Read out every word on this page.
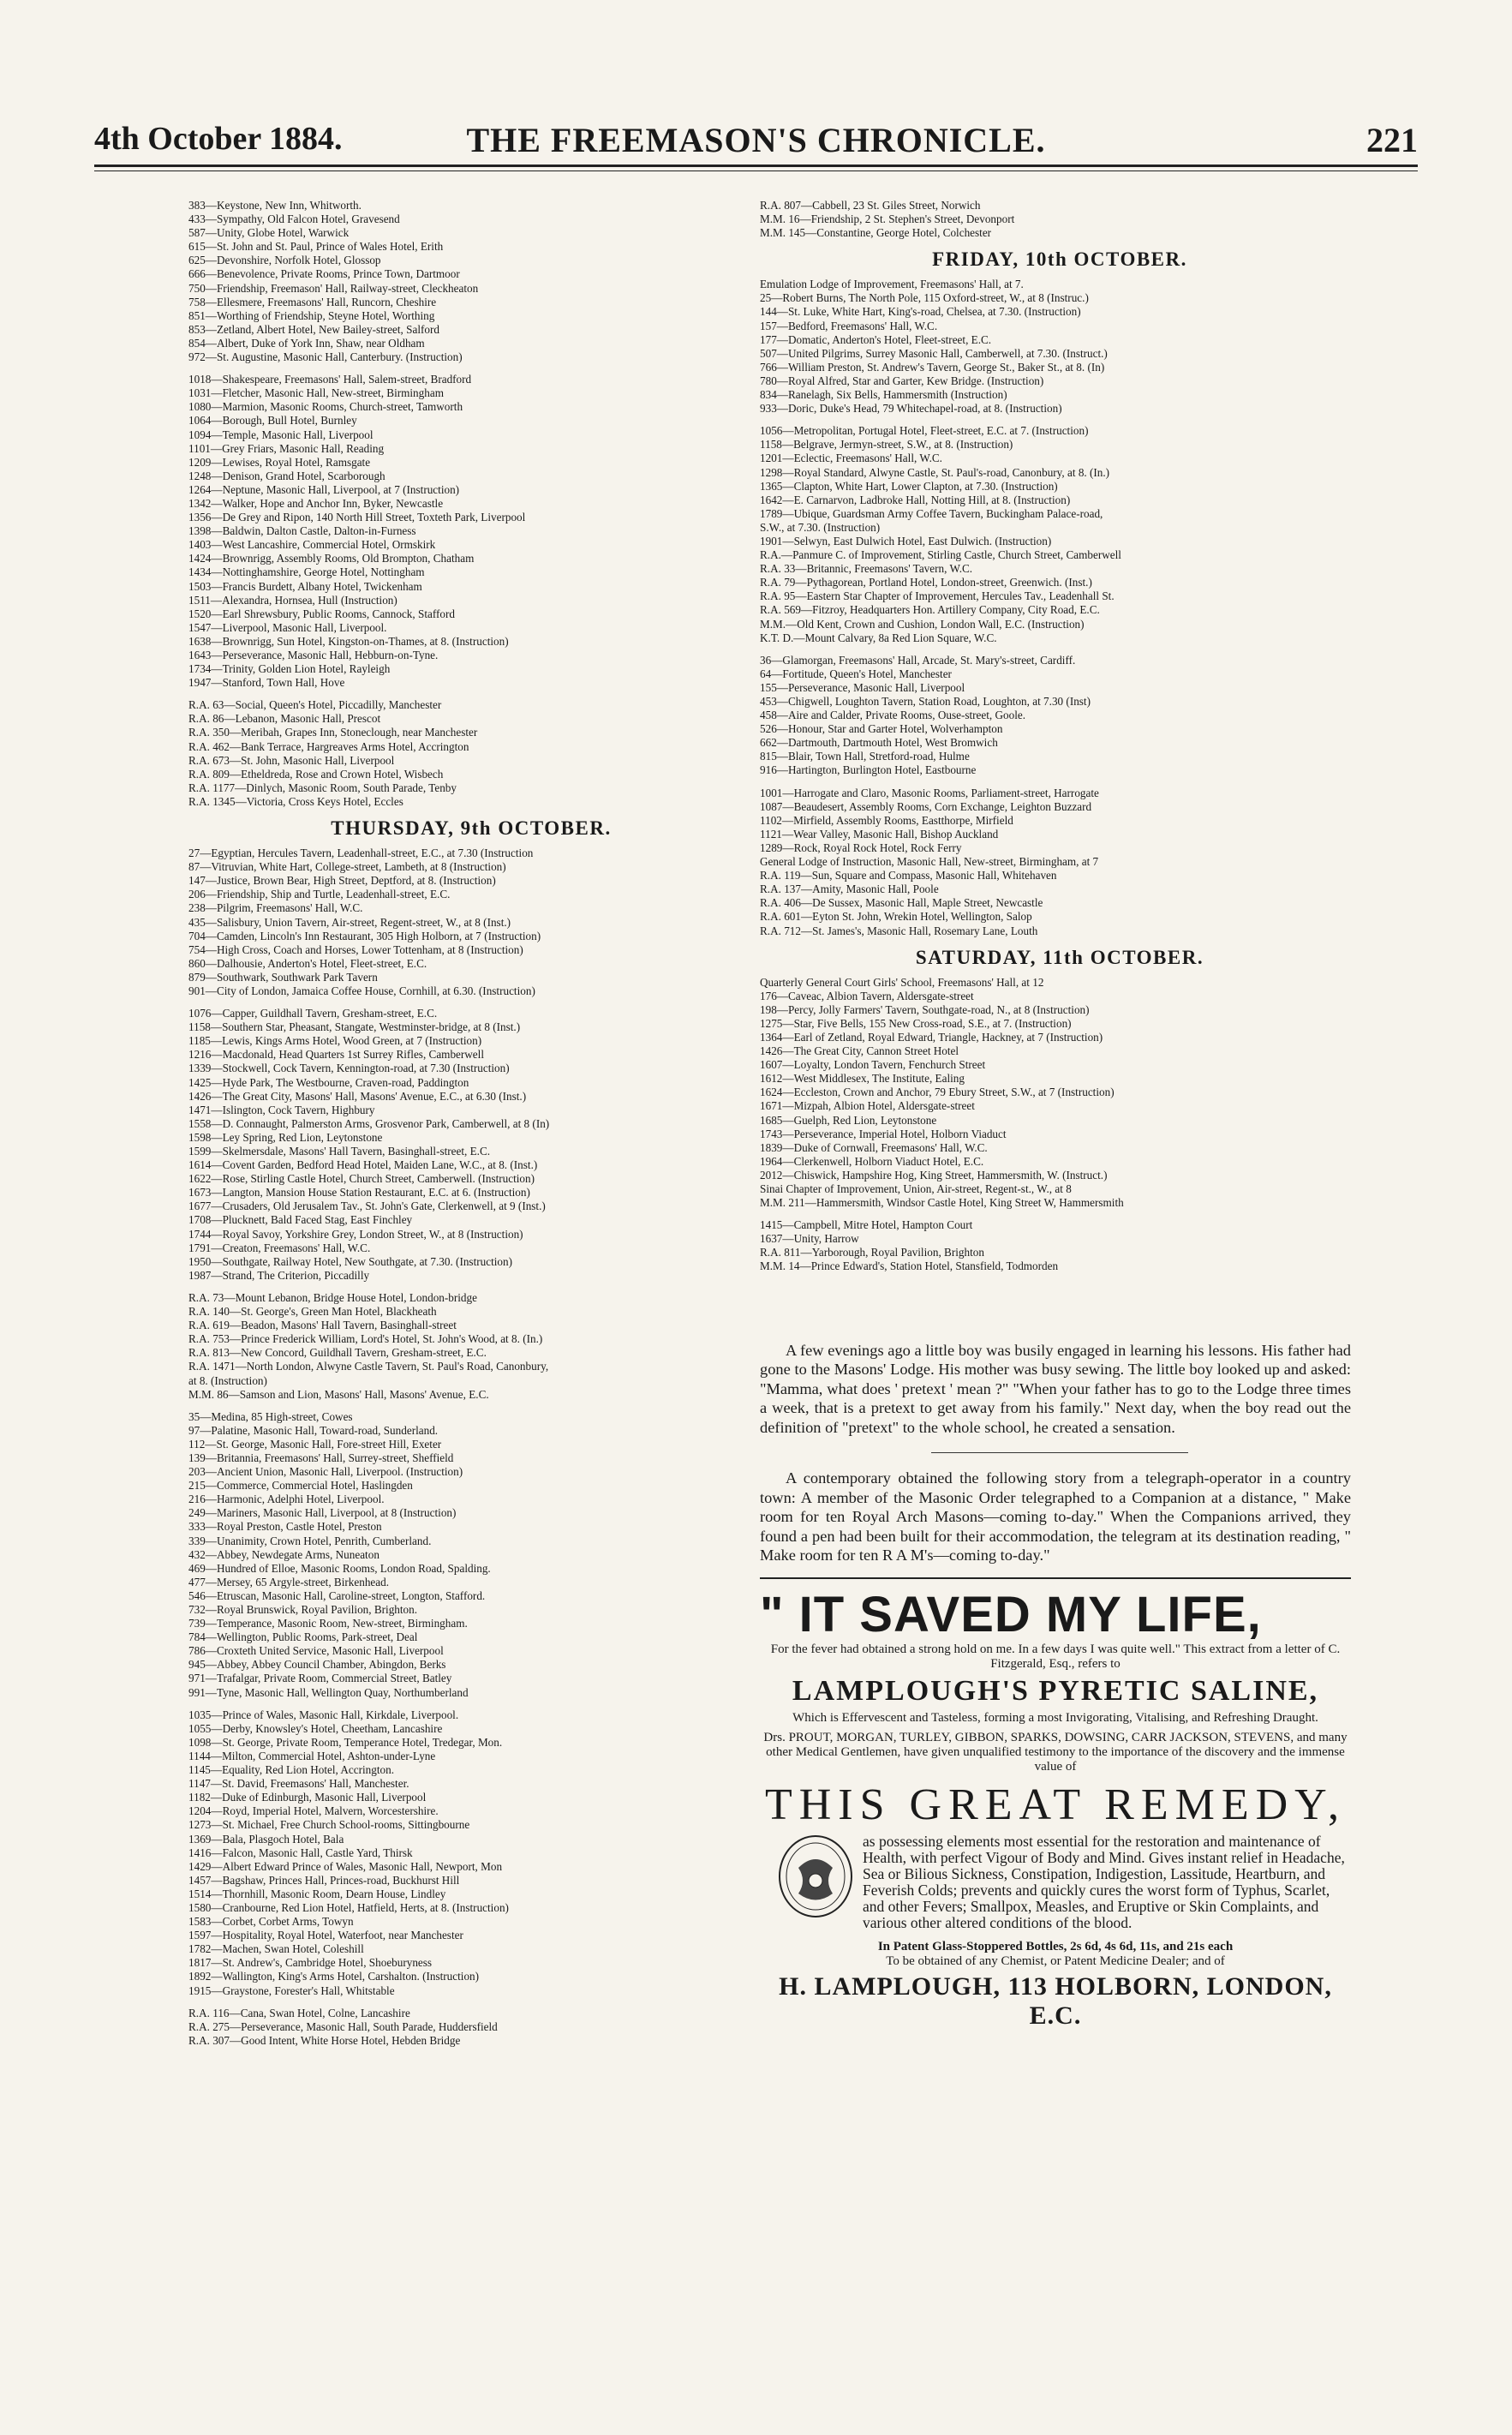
4th October 1884.	THE FREEMASON'S CHRONICLE.	221
383—Keystone, New Inn, Whitworth.
433—Sympathy, Old Falcon Hotel, Gravesend
587—Unity, Globe Hotel, Warwick
615—St. John and St. Paul, Prince of Wales Hotel, Erith
625—Devonshire, Norfolk Hotel, Glossop
666—Benevolence, Private Rooms, Prince Town, Dartmoor
750—Friendship, Freemason' Hall, Railway-street, Cleckheaton
758—Ellesmere, Freemasons' Hall, Runcorn, Cheshire
851—Worthing of Friendship, Steyne Hotel, Worthing
853—Zetland, Albert Hotel, New Bailey-street, Salford
854—Albert, Duke of York Inn, Shaw, near Oldham
972—St. Augustine, Masonic Hall, Canterbury. (Instruction)
1018—Shakespeare, Freemasons' Hall, Salem-street, Bradford
1031—Fletcher, Masonic Hall, New-street, Birmingham
1080—Marmion, Masonic Rooms, Church-street, Tamworth
1064—Borough, Bull Hotel, Burnley
1094—Temple, Masonic Hall, Liverpool
1101—Grey Friars, Masonic Hall, Reading
1209—Lewises, Royal Hotel, Ramsgate
1248—Denison, Grand Hotel, Scarborough
1264—Neptune, Masonic Hall, Liverpool, at 7 (Instruction)
1342—Walker, Hope and Anchor Inn, Byker, Newcastle
1356—De Grey and Ripon, 140 North Hill Street, Toxteth Park, Liverpool
1398—Baldwin, Dalton Castle, Dalton-in-Furness
1403—West Lancashire, Commercial Hotel, Ormskirk
1424—Brownrigg, Assembly Rooms, Old Brompton, Chatham
1434—Nottinghamshire, George Hotel, Nottingham
1503—Francis Burdett, Albany Hotel, Twickenham
1511—Alexandra, Hornsea, Hull (Instruction)
1520—Earl Shrewsbury, Public Rooms, Cannock, Stafford
1547—Liverpool, Masonic Hall, Liverpool.
1638—Brownrigg, Sun Hotel, Kingston-on-Thames, at 8. (Instruction)
1643—Perseverance, Masonic Hall, Hebburn-on-Tyne.
1734—Trinity, Golden Lion Hotel, Rayleigh
1947—Stanford, Town Hall, Hove
R.A. 63—Social, Queen's Hotel, Piccadilly, Manchester
R.A. 86—Lebanon, Masonic Hall, Prescot
R.A. 350—Meribah, Grapes Inn, Stoneclough, near Manchester
R.A. 462—Bank Terrace, Hargreaves Arms Hotel, Accrington
R.A. 673—St. John, Masonic Hall, Liverpool
R.A. 809—Etheldreda, Rose and Crown Hotel, Wisbech
R.A. 1177—Dinlych, Masonic Room, South Parade, Tenby
R.A. 1345—Victoria, Cross Keys Hotel, Eccles
THURSDAY, 9th OCTOBER.
27—Egyptian, Hercules Tavern, Leadenhall-street, E.C., at 7.30 (Instruction
87—Vitruvian, White Hart, College-street, Lambeth, at 8 (Instruction)
147—Justice, Brown Bear, High Street, Deptford, at 8. (Instruction)
206—Friendship, Ship and Turtle, Leadenhall-street, E.C.
238—Pilgrim, Freemasons' Hall, W.C.
435—Salisbury, Union Tavern, Air-street, Regent-street, W., at 8 (Inst.)
704—Camden, Lincoln's Inn Restaurant, 305 High Holborn, at 7 (Instruction)
754—High Cross, Coach and Horses, Lower Tottenham, at 8 (Instruction)
860—Dalhousie, Anderton's Hotel, Fleet-street, E.C.
879—Southwark, Southwark Park Tavern
901—City of London, Jamaica Coffee House, Cornhill, at 6.30. (Instruction)
1076—Capper, Guildhall Tavern, Gresham-street, E.C.
1158—Southern Star, Pheasant, Stangate, Westminster-bridge, at 8 (Inst.)
1185—Lewis, Kings Arms Hotel, Wood Green, at 7 (Instruction)
1216—Macdonald, Head Quarters 1st Surrey Rifles, Camberwell
1339—Stockwell, Cock Tavern, Kennington-road, at 7.30 (Instruction)
1425—Hyde Park, The Westbourne, Craven-road, Paddington
1426—The Great City, Masons' Hall, Masons' Avenue, E.C., at 6.30 (Inst.)
1471—Islington, Cock Tavern, Highbury
1558—D. Connaught, Palmerston Arms, Grosvenor Park, Camberwell, at 8 (In)
1598—Ley Spring, Red Lion, Leytonstone
1599—Skelmersdale, Masons' Hall Tavern, Basinghall-street, E.C.
1614—Covent Garden, Bedford Head Hotel, Maiden Lane, W.C., at 8. (Inst.)
1622—Rose, Stirling Castle Hotel, Church Street, Camberwell. (Instruction)
1673—Langton, Mansion House Station Restaurant, E.C. at 6. (Instruction)
1677—Crusaders, Old Jerusalem Tav., St. John's Gate, Clerkenwell, at 9 (Inst.)
1708—Plucknett, Bald Faced Stag, East Finchley
1744—Royal Savoy, Yorkshire Grey, London Street, W., at 8 (Instruction)
1791—Creaton, Freemasons' Hall, W.C.
1950—Southgate, Railway Hotel, New Southgate, at 7.30. (Instruction)
1987—Strand, The Criterion, Piccadilly
R.A. 73—Mount Lebanon, Bridge House Hotel, London-bridge
R.A. 140—St. George's, Green Man Hotel, Blackheath
R.A. 619—Beadon, Masons' Hall Tavern, Basinghall-street
R.A. 753—Prince Frederick William, Lord's Hotel, St. John's Wood, at 8. (In.)
R.A. 813—New Concord, Guildhall Tavern, Gresham-street, E.C.
R.A. 1471—North London, Alwyne Castle Tavern, St. Paul's Road, Canonbury,
at 8. (Instruction)
M.M. 86—Samson and Lion, Masons' Hall, Masons' Avenue, E.C.
35—Medina, 85 High-street, Cowes
97—Palatine, Masonic Hall, Toward-road, Sunderland.
112—St. George, Masonic Hall, Fore-street Hill, Exeter
139—Britannia, Freemasons' Hall, Surrey-street, Sheffield
203—Ancient Union, Masonic Hall, Liverpool. (Instruction)
215—Commerce, Commercial Hotel, Haslingden
216—Harmonic, Adelphi Hotel, Liverpool.
249—Mariners, Masonic Hall, Liverpool, at 8 (Instruction)
333—Royal Preston, Castle Hotel, Preston
339—Unanimity, Crown Hotel, Penrith, Cumberland.
432—Abbey, Newdegate Arms, Nuneaton
469—Hundred of Elloe, Masonic Rooms, London Road, Spalding.
477—Mersey, 65 Argyle-street, Birkenhead.
546—Etruscan, Masonic Hall, Caroline-street, Longton, Stafford.
732—Royal Brunswick, Royal Pavilion, Brighton.
739—Temperance, Masonic Room, New-street, Birmingham.
784—Wellington, Public Rooms, Park-street, Deal
786—Croxteth United Service, Masonic Hall, Liverpool
945—Abbey, Abbey Council Chamber, Abingdon, Berks
971—Trafalgar, Private Room, Commercial Street, Batley
991—Tyne, Masonic Hall, Wellington Quay, Northumberland
1035—Prince of Wales, Masonic Hall, Kirkdale, Liverpool.
1055—Derby, Knowsley's Hotel, Cheetham, Lancashire
1098—St. George, Private Room, Temperance Hotel, Tredegar, Mon.
1144—Milton, Commercial Hotel, Ashton-under-Lyne
1145—Equality, Red Lion Hotel, Accrington.
1147—St. David, Freemasons' Hall, Manchester.
1182—Duke of Edinburgh, Masonic Hall, Liverpool
1204—Royd, Imperial Hotel, Malvern, Worcestershire.
1273—St. Michael, Free Church School-rooms, Sittingbourne
1369—Bala, Plasgoch Hotel, Bala
1416—Falcon, Masonic Hall, Castle Yard, Thirsk
1429—Albert Edward Prince of Wales, Masonic Hall, Newport, Mon
1457—Bagshaw, Princes Hall, Princes-road, Buckhurst Hill
1514—Thornhill, Masonic Room, Dearn House, Lindley
1580—Cranbourne, Red Lion Hotel, Hatfield, Herts, at 8. (Instruction)
1583—Corbet, Corbet Arms, Towyn
1597—Hospitality, Royal Hotel, Waterfoot, near Manchester
1782—Machen, Swan Hotel, Coleshill
1817—St. Andrew's, Cambridge Hotel, Shoeburyness
1892—Wallington, King's Arms Hotel, Carshalton. (Instruction)
1915—Graystone, Forester's Hall, Whitstable
R.A. 116—Cana, Swan Hotel, Colne, Lancashire
R.A. 275—Perseverance, Masonic Hall, South Parade, Huddersfield
R.A. 307—Good Intent, White Horse Hotel, Hebden Bridge
R.A. 807—Cabbell, 23 St. Giles Street, Norwich
M.M. 16—Friendship, 2 St. Stephen's Street, Devonport
M.M. 145—Constantine, George Hotel, Colchester
FRIDAY, 10th OCTOBER.
Emulation Lodge of Improvement, Freemasons' Hall, at 7.
25—Robert Burns, The North Pole, 115 Oxford-street, W., at 8 (Instruc.)
144—St. Luke, White Hart, King's-road, Chelsea, at 7.30. (Instruction)
157—Bedford, Freemasons' Hall, W.C.
177—Domatic, Anderton's Hotel, Fleet-street, E.C.
507—United Pilgrims, Surrey Masonic Hall, Camberwell, at 7.30. (Instruct.)
766—William Preston, St. Andrew's Tavern, George St., Baker St., at 8. (In)
780—Royal Alfred, Star and Garter, Kew Bridge. (Instruction)
834—Ranelagh, Six Bells, Hammersmith (Instruction)
933—Doric, Duke's Head, 79 Whitechapel-road, at 8. (Instruction)
1056—Metropolitan, Portugal Hotel, Fleet-street, E.C. at 7. (Instruction)
1158—Belgrave, Jermyn-street, S.W., at 8. (Instruction)
1201—Eclectic, Freemasons' Hall, W.C.
1298—Royal Standard, Alwyne Castle, St. Paul's-road, Canonbury, at 8. (In.)
1365—Clapton, White Hart, Lower Clapton, at 7.30. (Instruction)
1642—E. Carnarvon, Ladbroke Hall, Notting Hill, at 8. (Instruction)
1789—Ubique, Guardsman Army Coffee Tavern, Buckingham Palace-road,
S.W., at 7.30. (Instruction)
1901—Selwyn, East Dulwich Hotel, East Dulwich. (Instruction)
R.A.—Panmure C. of Improvement, Stirling Castle, Church Street, Camberwell
R.A. 33—Britannic, Freemasons' Tavern, W.C.
R.A. 79—Pythagorean, Portland Hotel, London-street, Greenwich. (Inst.)
R.A. 95—Eastern Star Chapter of Improvement, Hercules Tav., Leadenhall St.
R.A. 569—Fitzroy, Headquarters Hon. Artillery Company, City Road, E.C.
M.M.—Old Kent, Crown and Cushion, London Wall, E.C. (Instruction)
K.T. D.—Mount Calvary, 8a Red Lion Square, W.C.
36—Glamorgan, Freemasons' Hall, Arcade, St. Mary's-street, Cardiff.
64—Fortitude, Queen's Hotel, Manchester
155—Perseverance, Masonic Hall, Liverpool
453—Chigwell, Loughton Tavern, Station Road, Loughton, at 7.30 (Inst)
458—Aire and Calder, Private Rooms, Ouse-street, Goole.
526—Honour, Star and Garter Hotel, Wolverhampton
662—Dartmouth, Dartmouth Hotel, West Bromwich
815—Blair, Town Hall, Stretford-road, Hulme
916—Hartington, Burlington Hotel, Eastbourne
1001—Harrogate and Claro, Masonic Rooms, Parliament-street, Harrogate
1087—Beaudesert, Assembly Rooms, Corn Exchange, Leighton Buzzard
1102—Mirfield, Assembly Rooms, Eastthorpe, Mirfield
1121—Wear Valley, Masonic Hall, Bishop Auckland
1289—Rock, Royal Rock Hotel, Rock Ferry
General Lodge of Instruction, Masonic Hall, New-street, Birmingham, at 7
R.A. 119—Sun, Square and Compass, Masonic Hall, Whitehaven
R.A. 137—Amity, Masonic Hall, Poole
R.A. 406—De Sussex, Masonic Hall, Maple Street, Newcastle
R.A. 601—Eyton St. John, Wrekin Hotel, Wellington, Salop
R.A. 712—St. James's, Masonic Hall, Rosemary Lane, Louth
SATURDAY, 11th OCTOBER.
Quarterly General Court Girls' School, Freemasons' Hall, at 12
176—Caveac, Albion Tavern, Aldersgate-street
198—Percy, Jolly Farmers' Tavern, Southgate-road, N., at 8 (Instruction)
1275—Star, Five Bells, 155 New Cross-road, S.E., at 7. (Instruction)
1364—Earl of Zetland, Royal Edward, Triangle, Hackney, at 7 (Instruction)
1426—The Great City, Cannon Street Hotel
1607—Loyalty, London Tavern, Fenchurch Street
1612—West Middlesex, The Institute, Ealing
1624—Eccleston, Crown and Anchor, 79 Ebury Street, S.W., at 7 (Instruction)
1671—Mizpah, Albion Hotel, Aldersgate-street
1685—Guelph, Red Lion, Leytonstone
1743—Perseverance, Imperial Hotel, Holborn Viaduct
1839—Duke of Cornwall, Freemasons' Hall, W.C.
1964—Clerkenwell, Holborn Viaduct Hotel, E.C.
2012—Chiswick, Hampshire Hog, King Street, Hammersmith, W. (Instruct.)
Sinai Chapter of Improvement, Union, Air-street, Regent-st., W., at 8
M.M. 211—Hammersmith, Windsor Castle Hotel, King Street W, Hammersmith
1415—Campbell, Mitre Hotel, Hampton Court
1637—Unity, Harrow
R.A. 811—Yarborough, Royal Pavilion, Brighton
M.M. 14—Prince Edward's, Station Hotel, Stansfield, Todmorden

A few evenings ago a little boy was busily engaged in learning his lessons. His father had gone to the Masons' Lodge. His mother was busy sewing. The little boy looked up and asked: "Mamma, what does ' pretext ' mean ?" "When your father has to go to the Lodge three times a week, that is a pretext to get away from his family." Next day, when the boy read out the definition of "pretext" to the whole school, he created a sensation.

A contemporary obtained the following story from a telegraph-operator in a country town: A member of the Masonic Order telegraphed to a Companion at a distance, " Make room for ten Royal Arch Masons—coming to-day." When the Companions arrived, they found a pen had been built for their accommodation, the telegram at its destination reading, " Make room for ten R A M's—coming to-day."

" IT SAVED MY LIFE,
For the fever had obtained a strong hold on me. In a few days I was quite well." This extract from a letter of C. Fitzgerald, Esq., refers to
LAMPLOUGH'S PYRETIC SALINE,
Which is Effervescent and Tasteless, forming a most Invigorating, Vitalising, and Refreshing Draught.
Drs. PROUT, MORGAN, TURLEY, GIBBON, SPARKS, DOWSING, CARR JACKSON, STEVENS, and many other Medical Gentlemen, have given unqualified testimony to the importance of the discovery and the immense value of
THIS GREAT REMEDY,
as possessing elements most essential for the restoration and maintenance of Health, with perfect Vigour of Body and Mind. Gives instant relief in Headache, Sea or Bilious Sickness, Constipation, Indigestion, Lassitude, Heartburn, and Feverish Colds; prevents and quickly cures the worst form of Typhus, Scarlet, and other Fevers; Smallpox, Measles, and Eruptive or Skin Complaints, and various other altered conditions of the blood.
In Patent Glass-Stoppered Bottles, 2s 6d, 4s 6d, 11s, and 21s each
To be obtained of any Chemist, or Patent Medicine Dealer; and of
H. LAMPLOUGH, 113 HOLBORN, LONDON, E.C.
